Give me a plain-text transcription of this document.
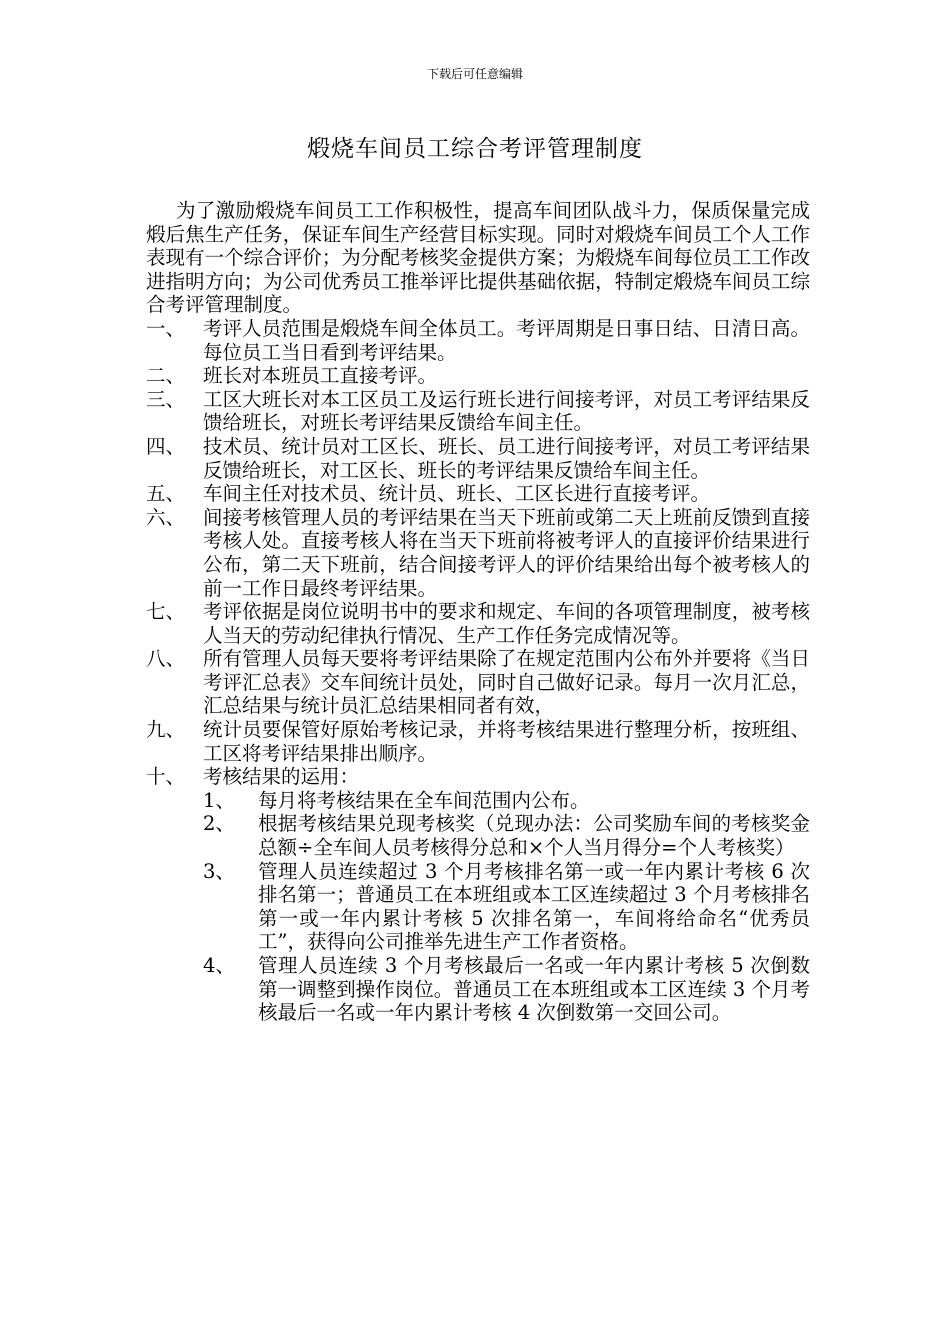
下载后可任意编辑
煅烧车间员工综合考评管理制度

为了激励煅烧车间员工工作积极性，提高车间团队战斗力，保质保量完成煅后焦生产任务，保证车间生产经营目标实现。同时对煅烧车间员工个人工作表现有一个综合评价；为分配考核奖金提供方案；为煅烧车间每位员工工作改进指明方向；为公司优秀员工推举评比提供基础依据，特制定煅烧车间员工综合考评管理制度。

一、 考评人员范围是煅烧车间全体员工。考评周期是日事日结、日清日高。每位员工当日看到考评结果。
二、 班长对本班员工直接考评。
三、 工区大班长对本工区员工及运行班长进行间接考评，对员工考评结果反馈给班长，对班长考评结果反馈给车间主任。
四、 技术员、统计员对工区长、班长、员工进行间接考评，对员工考评结果反馈给班长，对工区长、班长的考评结果反馈给车间主任。
五、 车间主任对技术员、统计员、班长、工区长进行直接考评。
六、 间接考核管理人员的考评结果在当天下班前或第二天上班前反馈到直接考核人处。直接考核人将在当天下班前将被考评人的直接评价结果进行公布，第二天下班前，结合间接考评人的评价结果给出每个被考核人的前一工作日最终考评结果。
七、 考评依据是岗位说明书中的要求和规定、车间的各项管理制度，被考核人当天的劳动纪律执行情况、生产工作任务完成情况等。
八、 所有管理人员每天要将考评结果除了在规定范围内公布外并要将《当日考评汇总表》交车间统计员处，同时自己做好记录。每月一次月汇总，汇总结果与统计员汇总结果相同者有效，
九、 统计员要保管好原始考核记录，并将考核结果进行整理分析，按班组、工区将考评结果排出顺序。
十、 考核结果的运用：
1、	每月将考核结果在全车间范围内公布。
2、	根据考核结果兑现考核奖（兑现办法：公司奖励车间的考核奖金总额÷全车间人员考核得分总和×个人当月得分=个人考核奖）
3、	管理人员连续超过 3 个月考核排名第一或一年内累计考核 6 次排名第一；普通员工在本班组或本工区连续超过 3 个月考核排名第一或一年内累计考核 5 次排名第一，车间将给命名“优秀员工”，获得向公司推举先进生产工作者资格。
4、	管理人员连续 3 个月考核最后一名或一年内累计考核 5 次倒数第一调整到操作岗位。普通员工在本班组或本工区连续 3 个月考核最后一名或一年内累计考核 4 次倒数第一交回公司。
